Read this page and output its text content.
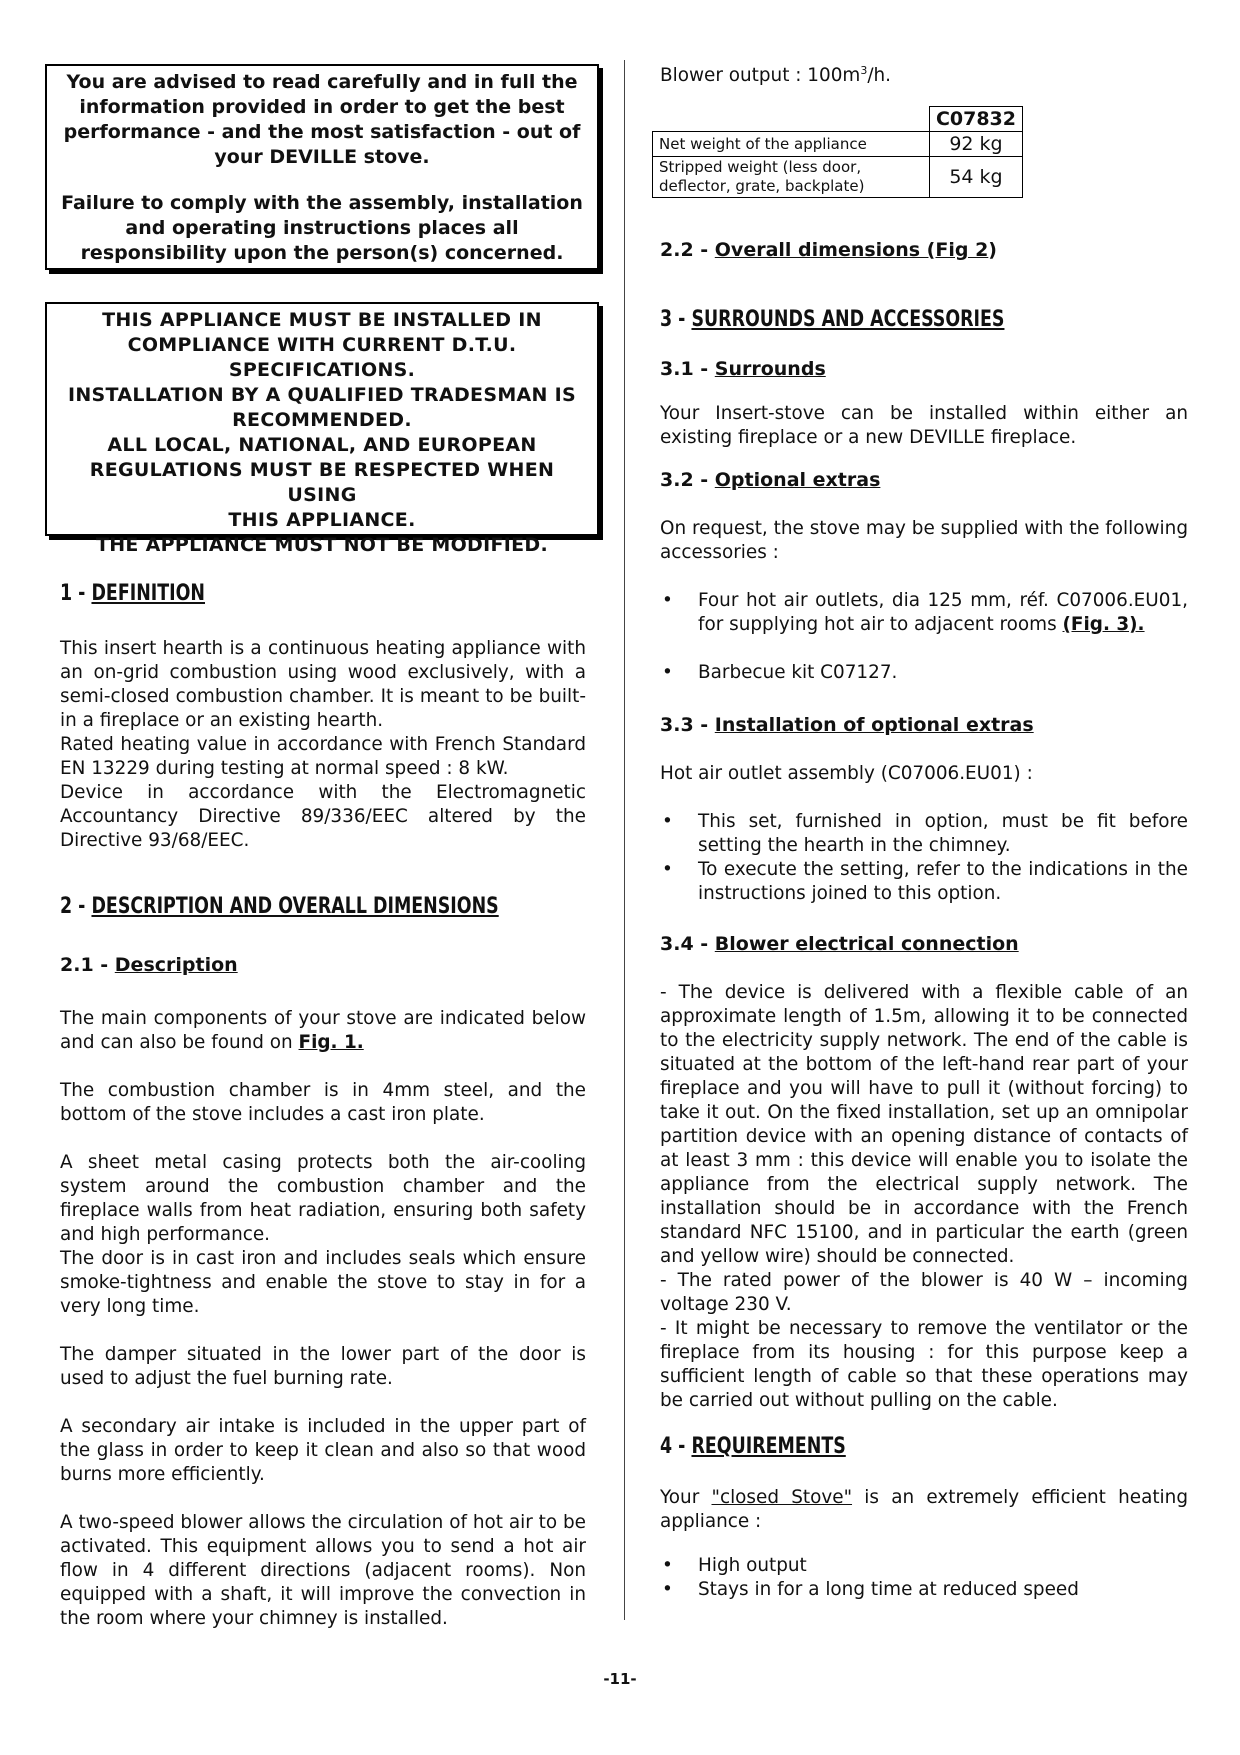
You are advised to read carefully and in full the information provided in order to get the best performance - and the most satisfaction - out of your DEVILLE stove.

Failure to comply with the assembly, installation and operating instructions places all responsibility upon the person(s) concerned.

THIS APPLIANCE MUST BE INSTALLED IN
COMPLIANCE WITH CURRENT D.T.U.
SPECIFICATIONS.
INSTALLATION BY A QUALIFIED TRADESMAN IS
RECOMMENDED.
ALL LOCAL, NATIONAL, AND EUROPEAN
REGULATIONS MUST BE RESPECTED WHEN USING
THIS APPLIANCE.
THE APPLIANCE MUST NOT BE MODIFIED.
1 - DEFINITION

This insert hearth is a continuous heating appliance with an on-grid combustion using wood exclusively, with a semi-closed combustion chamber. It is meant to be built-in a fireplace or an existing hearth.

Rated heating value in accordance with French Standard EN 13229 during testing at normal speed : 8 kW.

Device in accordance with the Electromagnetic Accountancy Directive 89/336/EEC altered by the Directive 93/68/EEC.

2 - DESCRIPTION AND OVERALL DIMENSIONS
2.1 - Description

The main components of your stove are indicated below and can also be found on Fig. 1.

The combustion chamber is in 4mm steel, and the bottom of the stove includes a cast iron plate.

A sheet metal casing protects both the air-cooling system around the combustion chamber and the fireplace walls from heat radiation, ensuring both safety and high performance.

The door is in cast iron and includes seals which ensure smoke-tightness and enable the stove to stay in for a very long time.

The damper situated in the lower part of the door is used to adjust the fuel burning rate.

A secondary air intake is included in the upper part of the glass in order to keep it clean and also so that wood burns more efficiently.

A two-speed blower allows the circulation of hot air to be activated. This equipment allows you to send a hot air flow in 4 different directions (adjacent rooms). Non equipped with a shaft, it will improve the convection in the room where your chimney is installed.

Blower output : $100m^3/h$.
	C07832
Net weight of the appliance	92 kg
Stripped weight (less door, deflector, grate, backplate)	54 kg
2.2 - Overall dimensions (Fig 2)
3 - SURROUNDS AND ACCESSORIES
3.1 - Surrounds

Your Insert-stove can be installed within either an existing fireplace or a new DEVILLE fireplace.

3.2 - Optional extras

On request, the stove may be supplied with the following accessories :

• Four hot air outlets, dia 125 mm, réf. C07006.EU01, for supplying hot air to adjacent rooms (Fig. 3).
• Barbecue kit C07127.
3.3 - Installation of optional extras

Hot air outlet assembly (C07006.EU01) :

• This set, furnished in option, must be fit before setting the hearth in the chimney.
• To execute the setting, refer to the indications in the instructions joined to this option.
3.4 - Blower electrical connection

- The device is delivered with a flexible cable of an approximate length of 1.5m, allowing it to be connected to the electricity supply network. The end of the cable is situated at the bottom of the left-hand rear part of your fireplace and you will have to pull it (without forcing) to take it out. On the fixed installation, set up an omnipolar partition device with an opening distance of contacts of at least 3 mm : this device will enable you to isolate the appliance from the electrical supply network. The installation should be in accordance with the French standard NFC 15100, and in particular the earth (green and yellow wire) should be connected.

- The rated power of the blower is 40 W – incoming voltage 230 V.

- It might be necessary to remove the ventilator or the fireplace from its housing : for this purpose keep a sufficient length of cable so that these operations may be carried out without pulling on the cable.

4 - REQUIREMENTS

Your "closed Stove" is an extremely efficient heating appliance :

• High output
• Stays in for a long time at reduced speed
-11-
